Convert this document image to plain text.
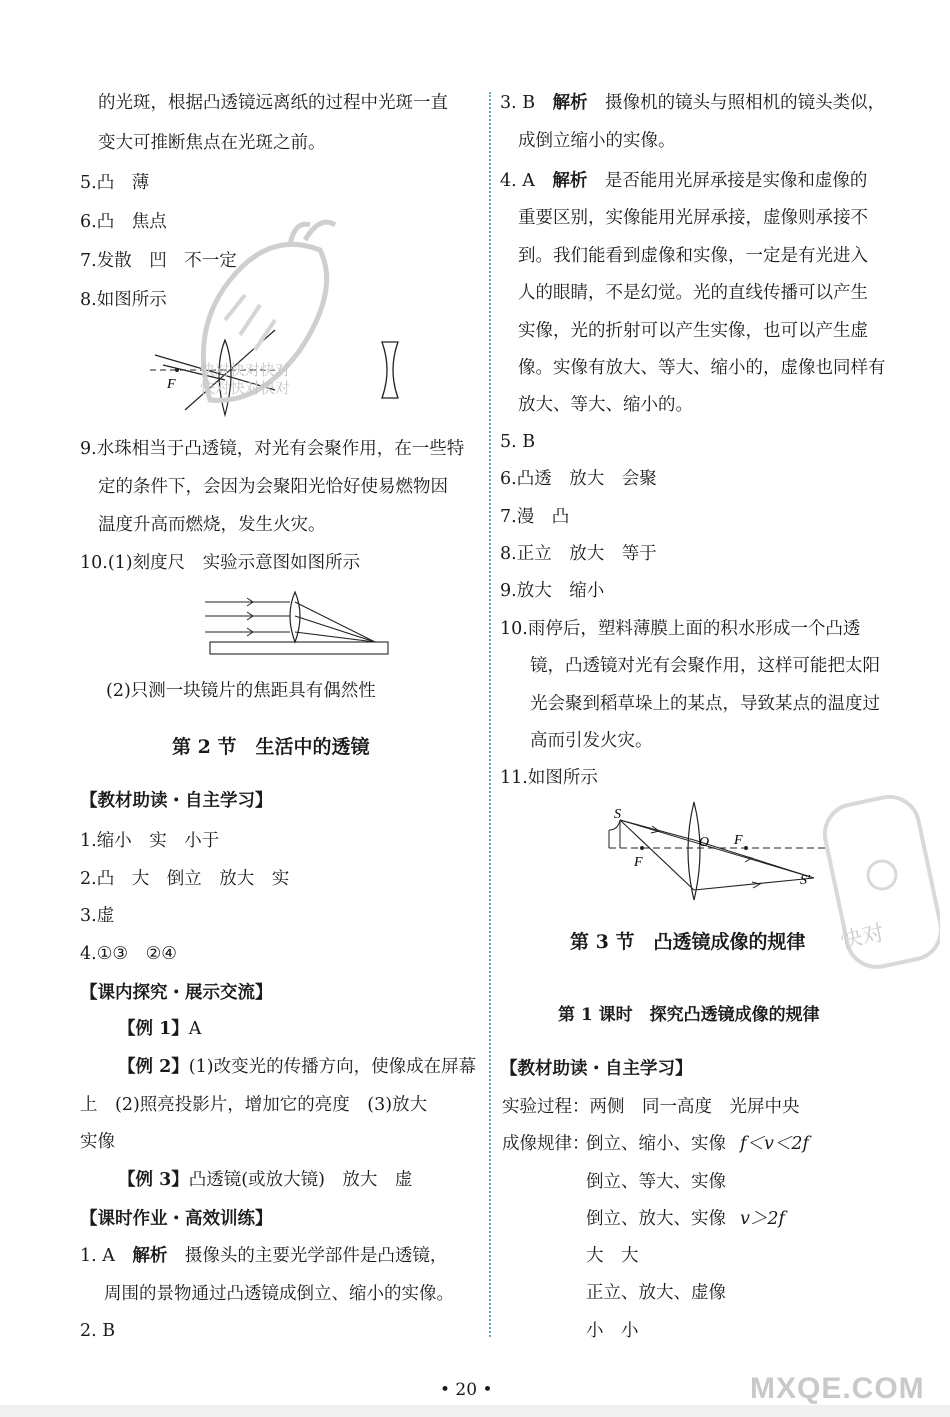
的光斑，根据凸透镜远离纸的过程中光斑一直
变大可推断焦点在光斑之前。
5.凸　薄
6.凸　焦点
7.发散　凹　不一定
8.如图所示
F
9.水珠相当于凸透镜，对光有会聚作用，在一些特
定的条件下，会因为会聚阳光恰好使易燃物因
温度升高而燃烧，发生火灾。
10.(1)刻度尺　实验示意图如图所示
(2)只测一块镜片的焦距具有偶然性
第 2 节　生活中的透镜
【教材助读・自主学习】
1.缩小　实　小于
2.凸　大　倒立　放大　实
3.虚
4.①③　②④
【课内探究・展示交流】
【例 1】A
【例 2】(1)改变光的传播方向，使像成在屏幕
上　(2)照亮投影片，增加它的亮度　(3)放大
实像
【例 3】凸透镜(或放大镜)　放大　虚
【课时作业・高效训练】
1. A　 解析　 摄像头的主要光学部件是凸透镜，
周围的景物通过凸透镜成倒立、缩小的实像。
2. B
3. B　 解析　 摄像机的镜头与照相机的镜头类似，
成倒立缩小的实像。
4. A　 解析　 是否能用光屏承接是实像和虚像的
重要区别，实像能用光屏承接，虚像则承接不
到。我们能看到虚像和实像，一定是有光进入
人的眼睛，不是幻觉。光的直线传播可以产生
实像，光的折射可以产生实像，也可以产生虚
像。实像有放大、等大、缩小的，虚像也同样有
放大、等大、缩小的。
5. B
6.凸透　放大　会聚
7.漫　凸
8.正立　放大　等于
9.放大　缩小
10.雨停后，塑料薄膜上面的积水形成一个凸透
镜，凸透镜对光有会聚作用，这样可能把太阳
光会聚到稻草垛上的某点，导致某点的温度过
高而引发火灾。
11.如图所示
S
O F
F
S′
第 3 节　凸透镜成像的规律
第 1 课时　探究凸透镜成像的规律
【教材助读・自主学习】
实验过程：两侧　同一高度　光屏中央
成像规律：
倒立、缩小、实像 f＜v＜2f
倒立、等大、实像
倒立、放大、实像 v＞2f
大　大
正立、放大、虚像
小　小
快对快对快对
快对快对快对
快对
MXQE.COM
• 20 •
